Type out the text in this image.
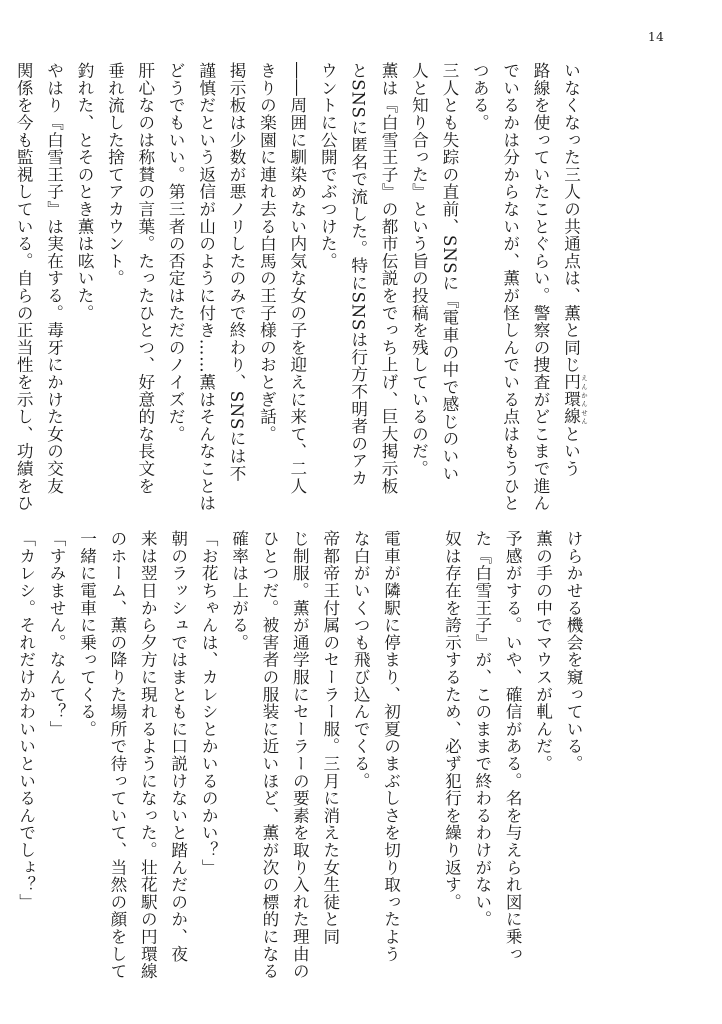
14
いなくなった三人の共通点は、薫と同じ円環線 えんかんせんという
路線を使っていたことぐらい。警察の捜査がどこまで進ん
でいるかは分からないが、薫が怪しんでいる点はもうひと
つある。
三人とも失踪の直前、SNSに『電車の中で感じのいい
人と知り合った』という旨の投稿を残しているのだ。
薫は『白雪王子』の都市伝説をでっち上げ、巨大掲示板
とSNSに匿名で流した。特にSNSは行方不明者のアカ
ウントに公開でぶつけた。
――周囲に馴染めない内気な女の子を迎えに来て、二人
きりの楽園に連れ去る白馬の王子様のおとぎ話。
掲示板は少数が悪ノリしたのみで終わり、SNSには不
謹慎だという返信が山のように付き……薫はそんなことは
どうでもいい。第三者の否定はただのノイズだ。
肝心なのは称賛の言葉。たったひとつ、好意的な長文を
垂れ流した捨てアカウント。
釣れた、とそのとき薫は呟いた。
やはり『白雪王子』は実在する。毒牙にかけた女の交友
関係を今も監視している。自らの正当性を示し、功績をひ
けらかせる機会を窺っている。
薫の手の中でマウスが軋んだ。
予感がする。いや、確信がある。名を与えられ図に乗っ
た『白雪王子』が、このままで終わるわけがない。
奴は存在を誇示するため、必ず犯行を繰り返す。
電車が隣駅に停まり、初夏のまぶしさを切り取ったよう
な白がいくつも飛び込んでくる。
帝都帝王付属のセーラー服。三月に消えた女生徒と同
じ制服。薫が通学服にセーラーの要素を取り入れた理由の
ひとつだ。被害者の服装に近いほど、薫が次の標的になる
確率は上がる。
「お花ちゃんは、カレシとかいるのかい？」
朝のラッシュではまともに口説けないと踏んだのか、夜
来は翌日から夕方に現れるようになった。壮花駅の円環線
のホーム、薫の降りた場所で待っていて、当然の顔をして
一緒に電車に乗ってくる。
「すみません。なんて？」
「カレシ。それだけかわいいといるんでしょ？」
